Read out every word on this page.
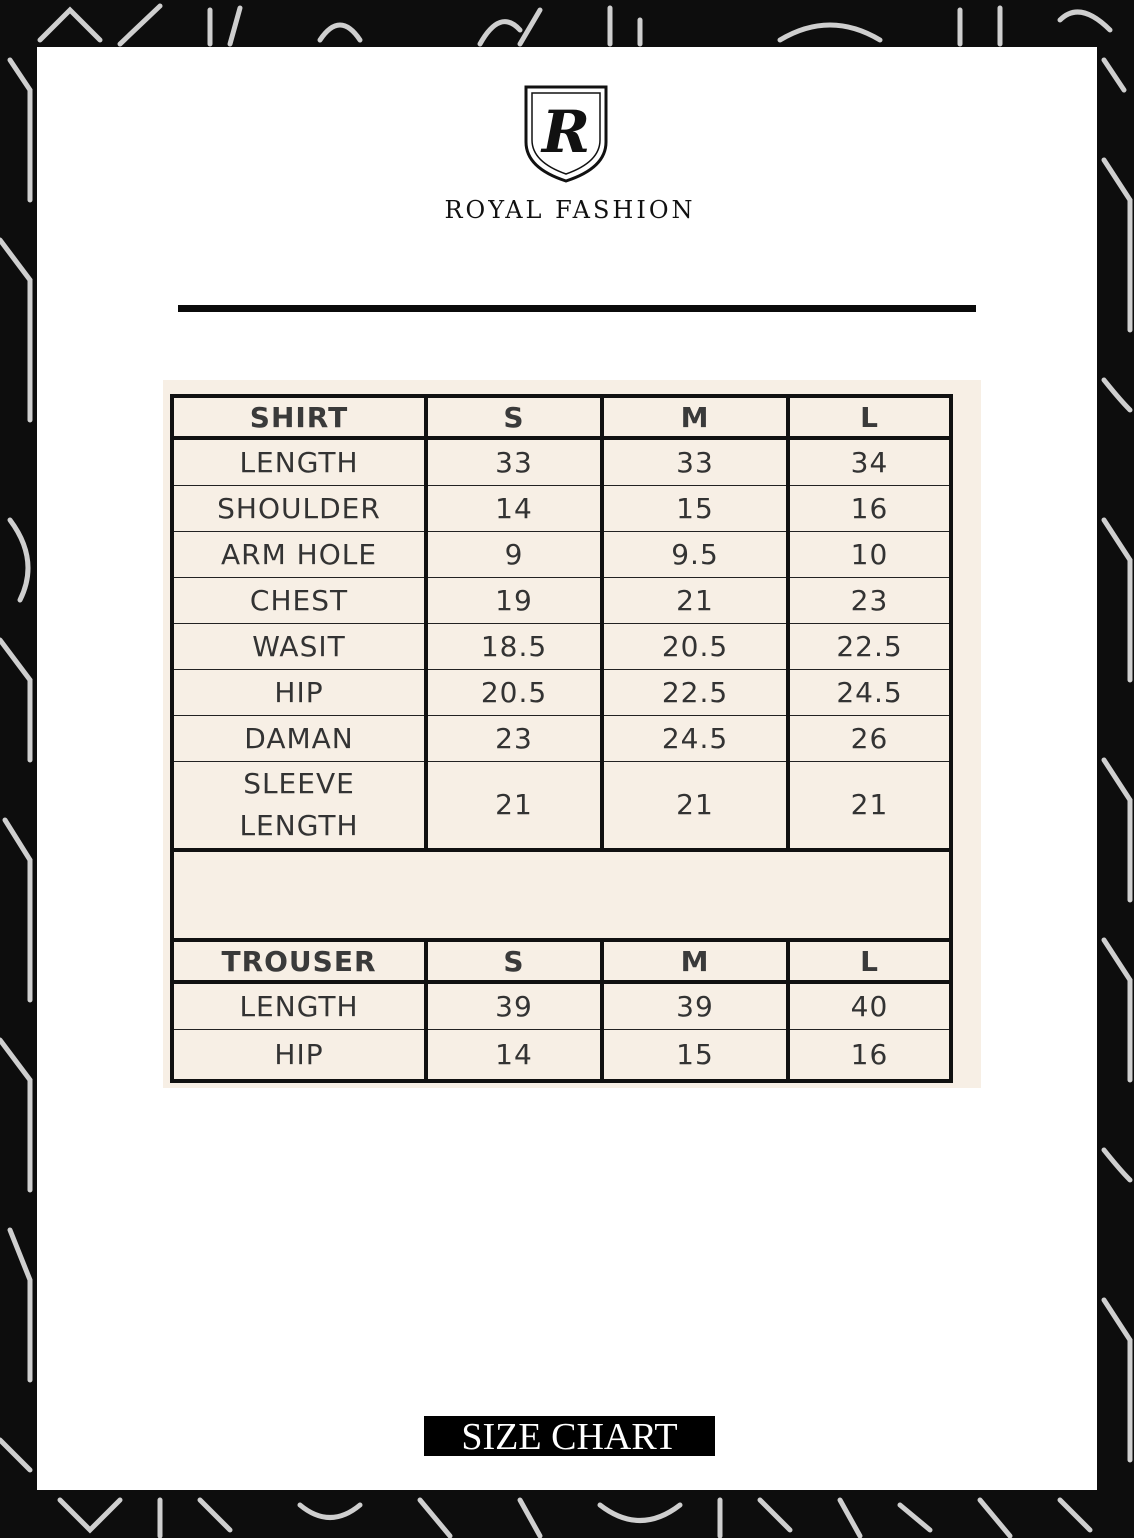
R
ROYAL FASHION
SHIRT	S	M	L
LENGTH	33	33	34
SHOULDER	14	15	16
ARM HOLE	9	9.5	10
CHEST	19	21	23
WASIT	18.5	20.5	22.5
HIP	20.5	22.5	24.5
DAMAN	23	24.5	26
SLEEVE
LENGTH	21	21	21

TROUSER	S	M	L
LENGTH	39	39	40
HIP	14	15	16
SIZE CHART
